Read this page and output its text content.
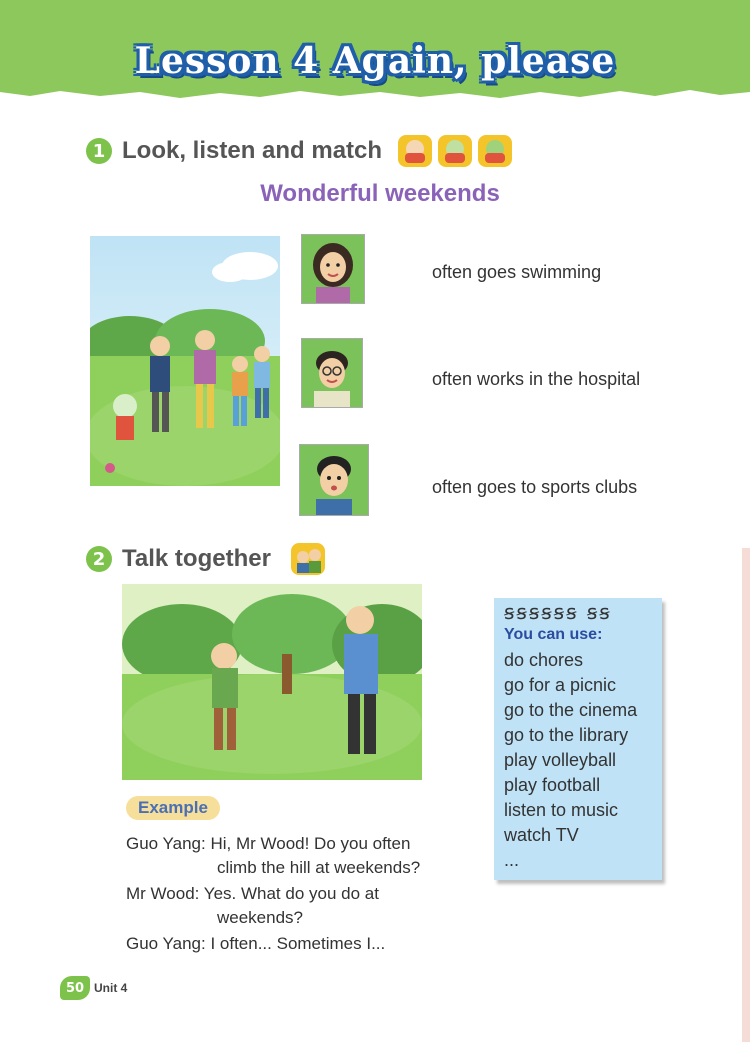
Lesson 4 Again, please
1 Look, listen and match
Wonderful weekends
often goes swimming
often works in the hospital
often goes to sports clubs
2 Talk together
ꞩꞩꞩꞩꞩꞩ ꞩꞩ
You can use:
do chores
go for a picnic
go to the cinema
go to the library
play volleyball
play football
listen to music
watch TV
...
Example
Guo Yang: Hi, Mr Wood! Do you often
climb the hill at weekends?
Mr Wood: Yes. What do you do at
weekends?
Guo Yang: I often... Sometimes I...
50 Unit 4
